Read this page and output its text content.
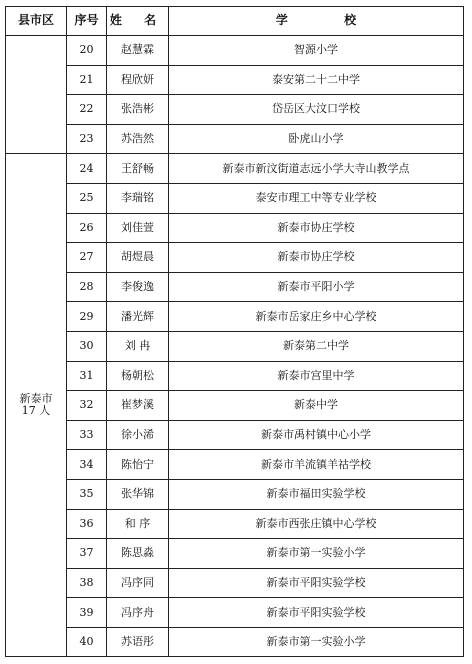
县市区	序号	姓 名	学 校

	20	赵慧霖	智源小学
	21	程欣妍	泰安第二十二中学
	22	张浩彬	岱岳区大汶口学校
	23	苏浩然	卧虎山小学

新泰市
17 人	24	王舒畅	新泰市新汶街道志远小学大寺山教学点
	25	李瑞铭	泰安市理工中等专业学校
	26	刘佳萱	新泰市协庄学校
	27	胡煜晨	新泰市协庄学校
	28	李俊逸	新泰市平阳小学
	29	潘光辉	新泰市岳家庄乡中心学校
	30	刘 冉	新泰第二中学
	31	杨朝松	新泰市宫里中学
	32	崔梦溪	新泰中学
	33	徐小浠	新泰市禹村镇中心小学
	34	陈怡宁	新泰市羊流镇羊祜学校
	35	张华锦	新泰市福田实验学校
	36	和 序	新泰市西张庄镇中心学校
	37	陈思淼	新泰市第一实验小学
	38	冯序同	新泰市平阳实验学校
	39	冯序舟	新泰市平阳实验学校
	40	苏语彤	新泰市第一实验小学
